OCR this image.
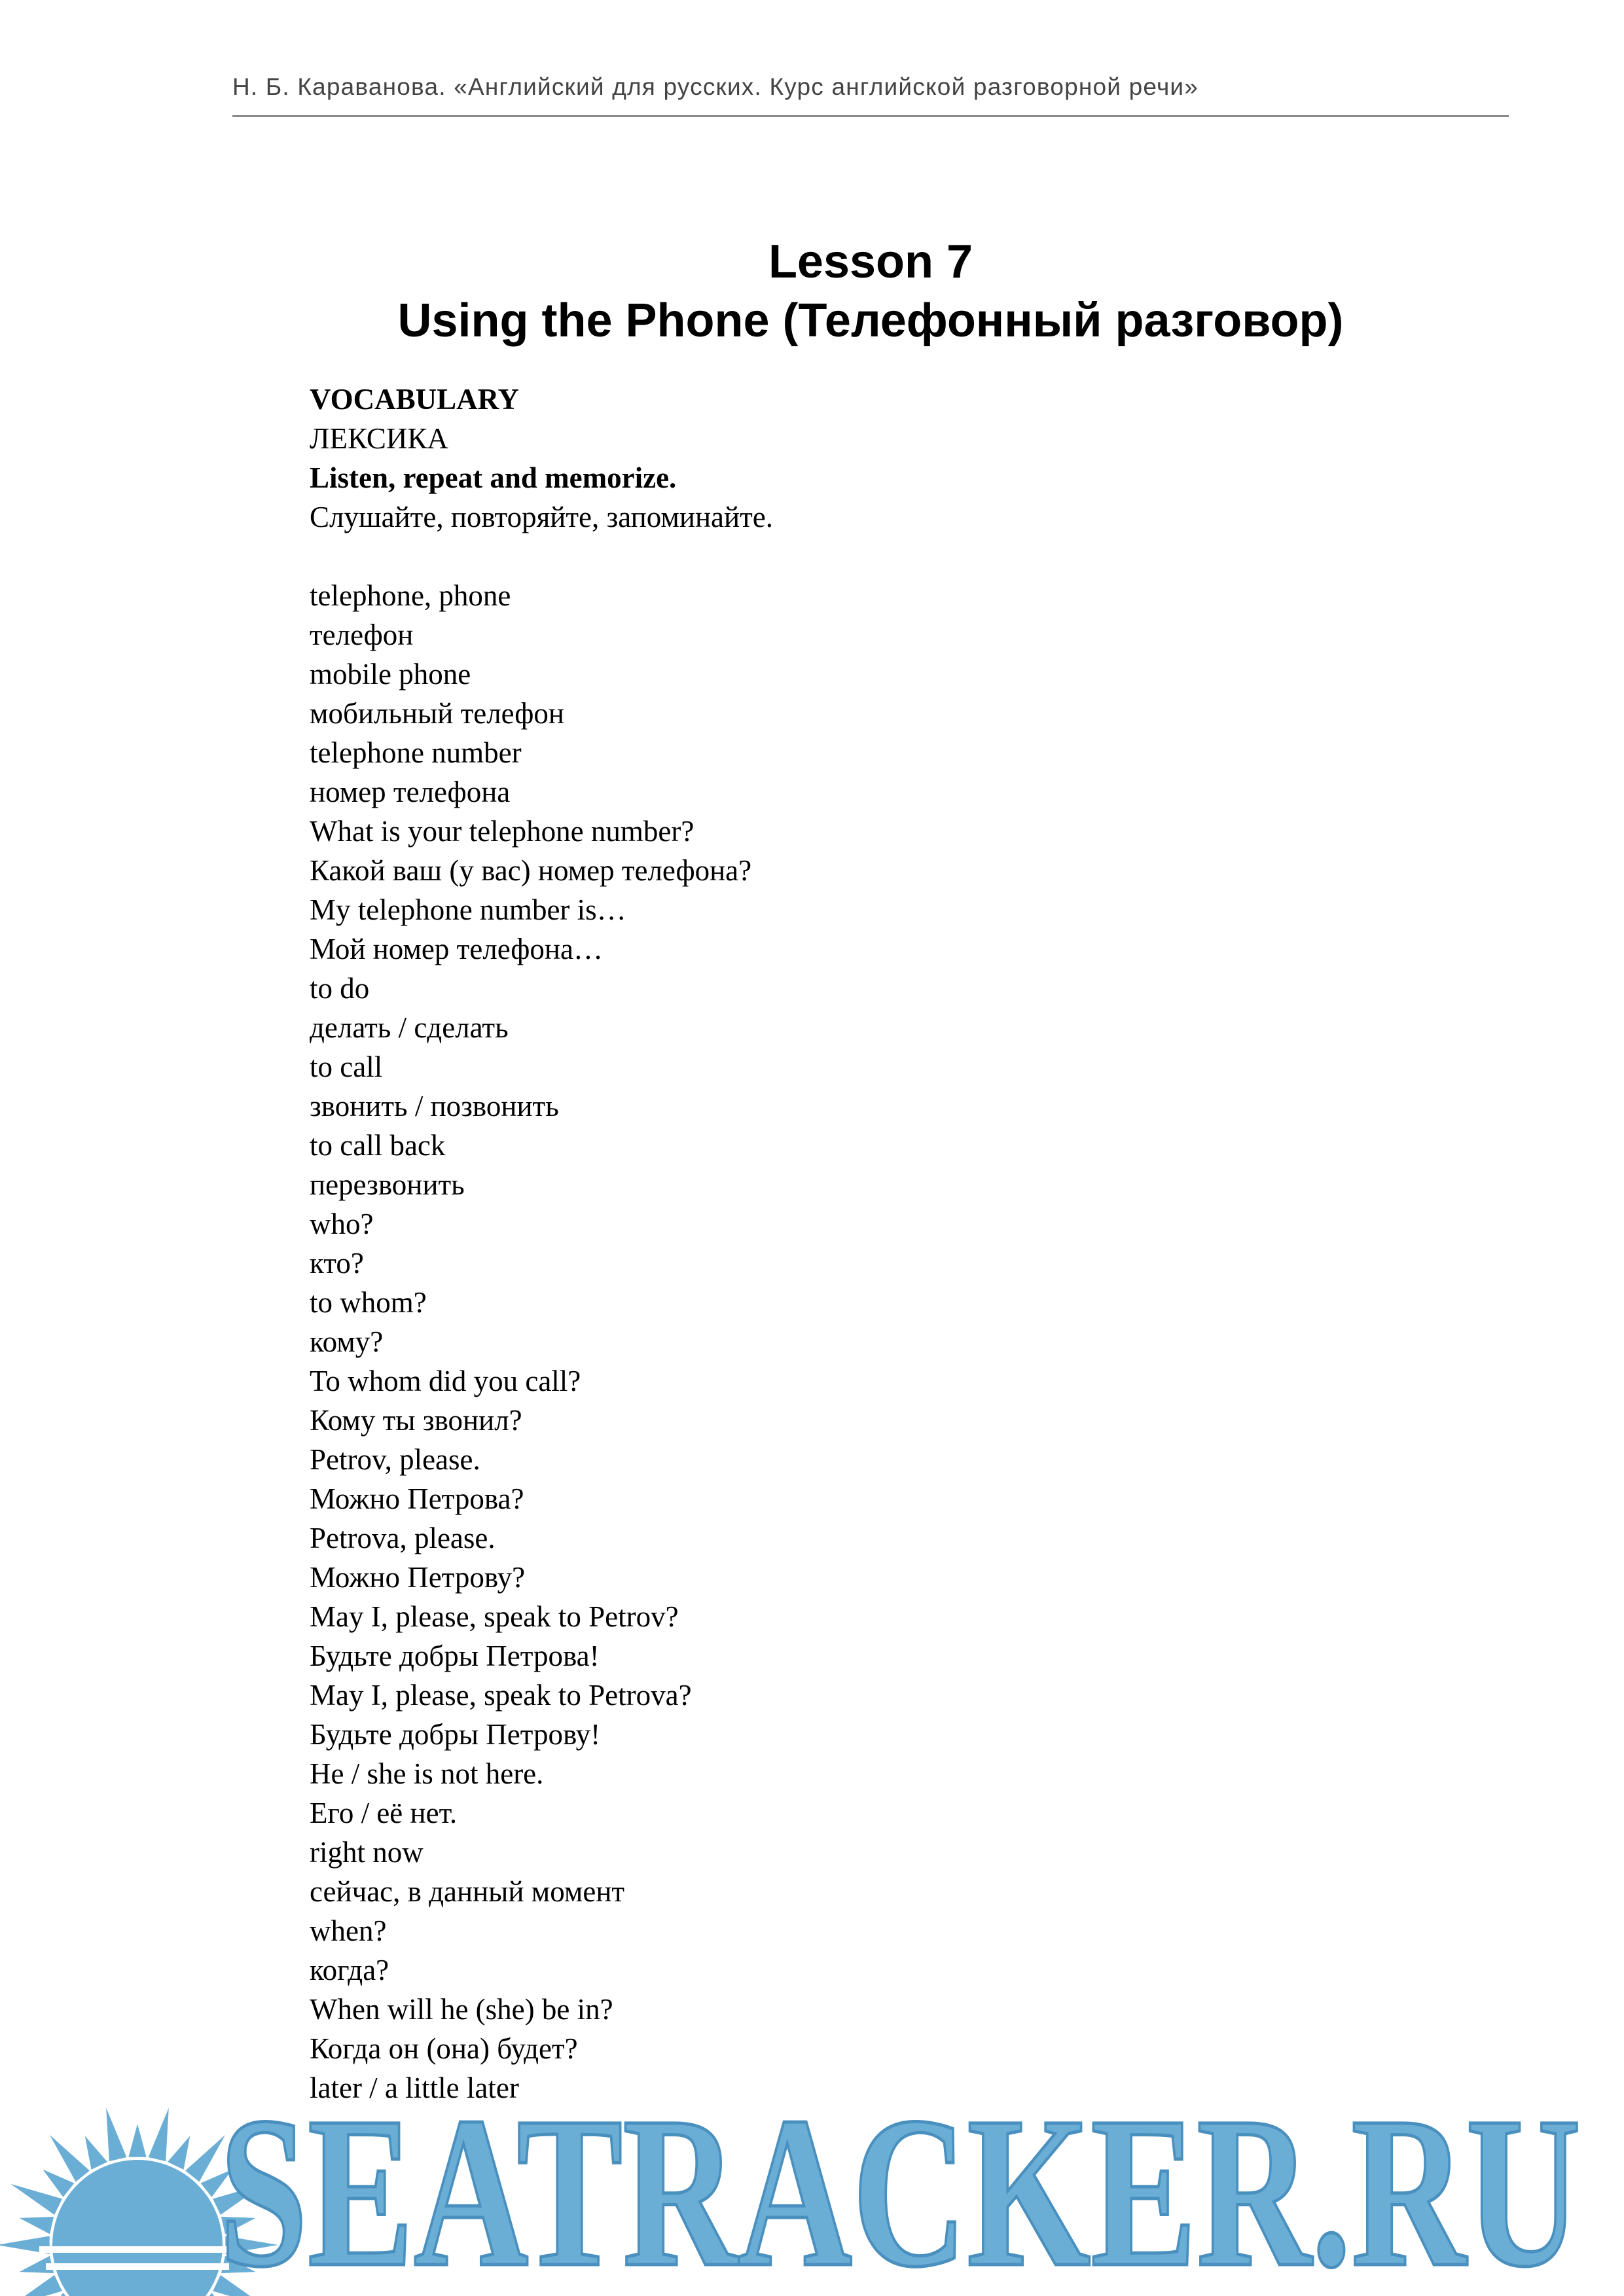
Н. Б. Караванова. «Английский для русских. Курс английской разговорной речи»
Lesson 7
Using the Phone (Телефонный разговор)
VOCABULARY
ЛЕКСИКА
Listen, repeat and memorize.
Слушайте, повторяйте, запоминайте.
telephone, phone
телефон
mobile phone
мобильный телефон
telephone number
номер телефона
What is your telephone number?
Какой ваш (у вас) номер телефона?
My telephone number is…
Мой номер телефона…
to do
делать / сделать
to call
звонить / позвонить
to call back
перезвонить
who?
кто?
to whom?
кому?
To whom did you call?
Кому ты звонил?
Petrov, please.
Можно Петрова?
Petrova, please.
Можно Петрову?
May I, please, speak to Petrov?
Будьте добры Петрова!
May I, please, speak to Petrova?
Будьте добры Петрову!
He / she is not here.
Его / её нет.
right now
сейчас, в данный момент
when?
когда?
When will he (she) be in?
Когда он (она) будет?
later / a little later
51
SEATRACKER.RU
